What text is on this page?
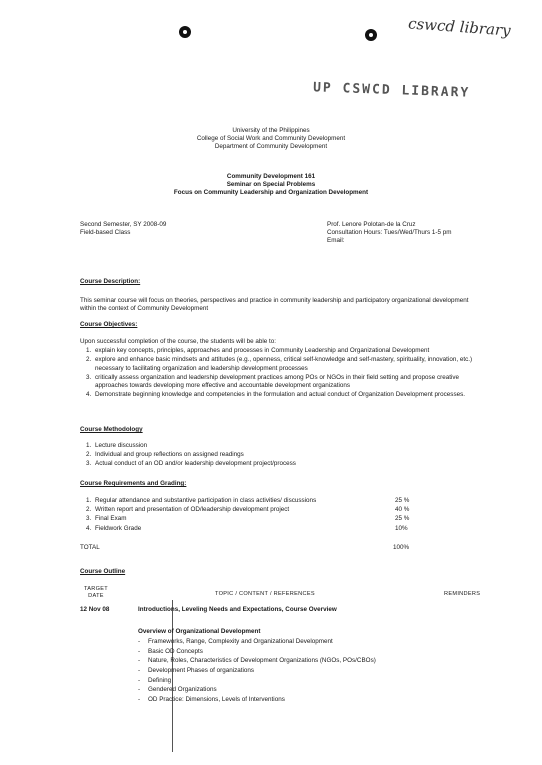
cswcd library
UP CSWCD LIBRARY
University of the Philippines
College of Social Work and Community Development
Department of Community Development
Community Development 161
Seminar on Special Problems
Focus on Community Leadership and Organization Development
Second Semester, SY 2008-09
Field-based Class
Prof. Lenore Polotan-de la Cruz
Consultation Hours: Tues/Wed/Thurs 1-5 pm
Email:
Course Description:
This seminar course will focus on theories, perspectives and practice in community leadership and participatory organizational development within the context of Community Development
Course Objectives:
Upon successful completion of the course, the students will be able to:
1. explain key concepts, principles, approaches and processes in Community Leadership and Organizational Development
2. explore and enhance basic mindsets and attitudes (e.g., openness, critical self-knowledge and self-mastery, spirituality, innovation, etc.) necessary to facilitating organization and leadership development processes
3. critically assess organization and leadership development practices among POs or NGOs in their field setting and propose creative approaches towards developing more effective and accountable development organizations
4. Demonstrate beginning knowledge and competencies in the formulation and actual conduct of Organization Development processes.
Course Methodology
1. Lecture discussion
2. Individual and group reflections on assigned readings
3. Actual conduct of an OD and/or leadership development project/process
Course Requirements and Grading:
1. Regular attendance and substantive participation in class activities/ discussions	25 %
2. Written report and presentation of OD/leadership development project	40 %
3. Final Exam	25 %
4. Fieldwork Grade	10%
TOTAL	100%
Course Outline
TARGET DATE	TOPIC / CONTENT / REFERENCES	REMINDERS
12 Nov 08	Introductions, Leveling Needs and Expectations, Course Overview
Overview of Organizational Development
- Frameworks, Range, Complexity and Organizational Development
- Basic OD Concepts
- Nature, Roles, Characteristics of Development Organizations (NGOs, POs/CBOs)
- Development Phases of organizations
- Defining
- Gendered Organizations
- OD Practice: Dimensions, Levels of Interventions
